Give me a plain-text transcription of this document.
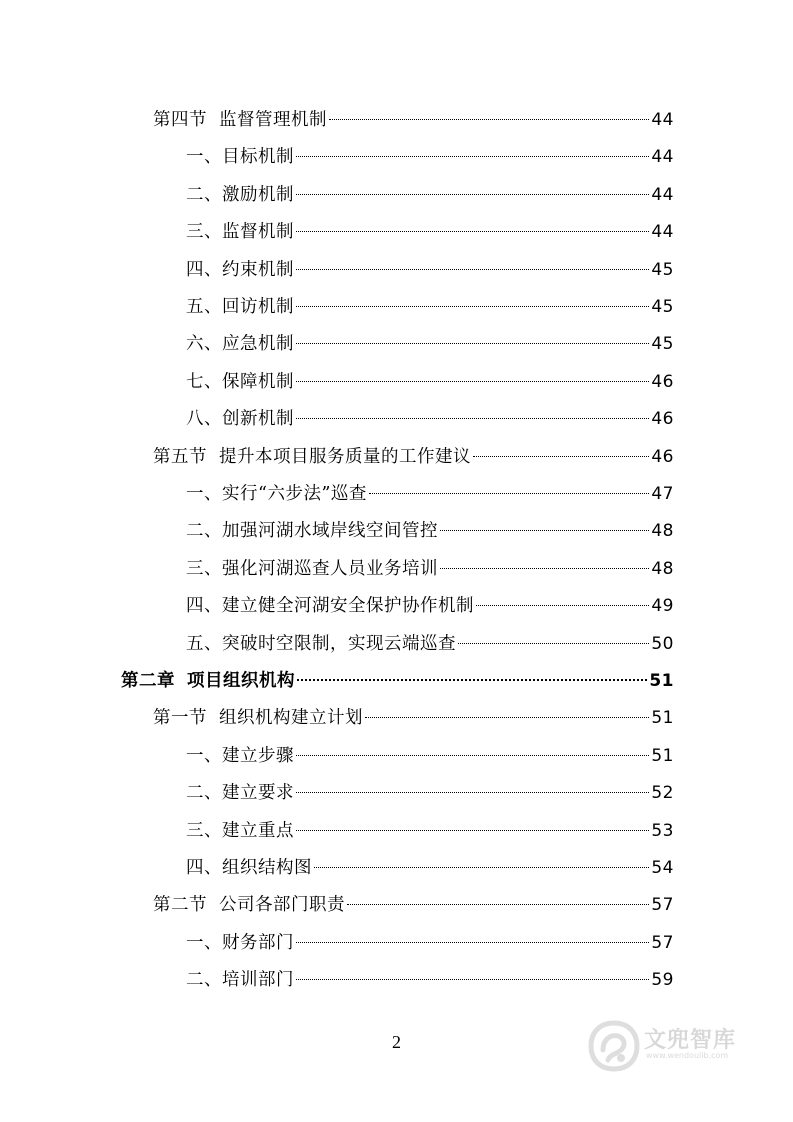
第四节 监督管理机制	44
一、目标机制	44
二、激励机制	44
三、监督机制	44
四、约束机制	45
五、回访机制	45
六、应急机制	45
七、保障机制	46
八、创新机制	46
第五节 提升本项目服务质量的工作建议	46
一、实行“六步法”巡查	47
二、加强河湖水域岸线空间管控	48
三、强化河湖巡查人员业务培训	48
四、建立健全河湖安全保护协作机制	49
五、突破时空限制，实现云端巡查	50
第二章 项目组织机构	51
第一节 组织机构建立计划	51
一、建立步骤	51
二、建立要求	52
三、建立重点	53
四、组织结构图	54
第二节 公司各部门职责	57
一、财务部门	57
二、培训部门	59
2	文兜智库
www.wendoulib.com
